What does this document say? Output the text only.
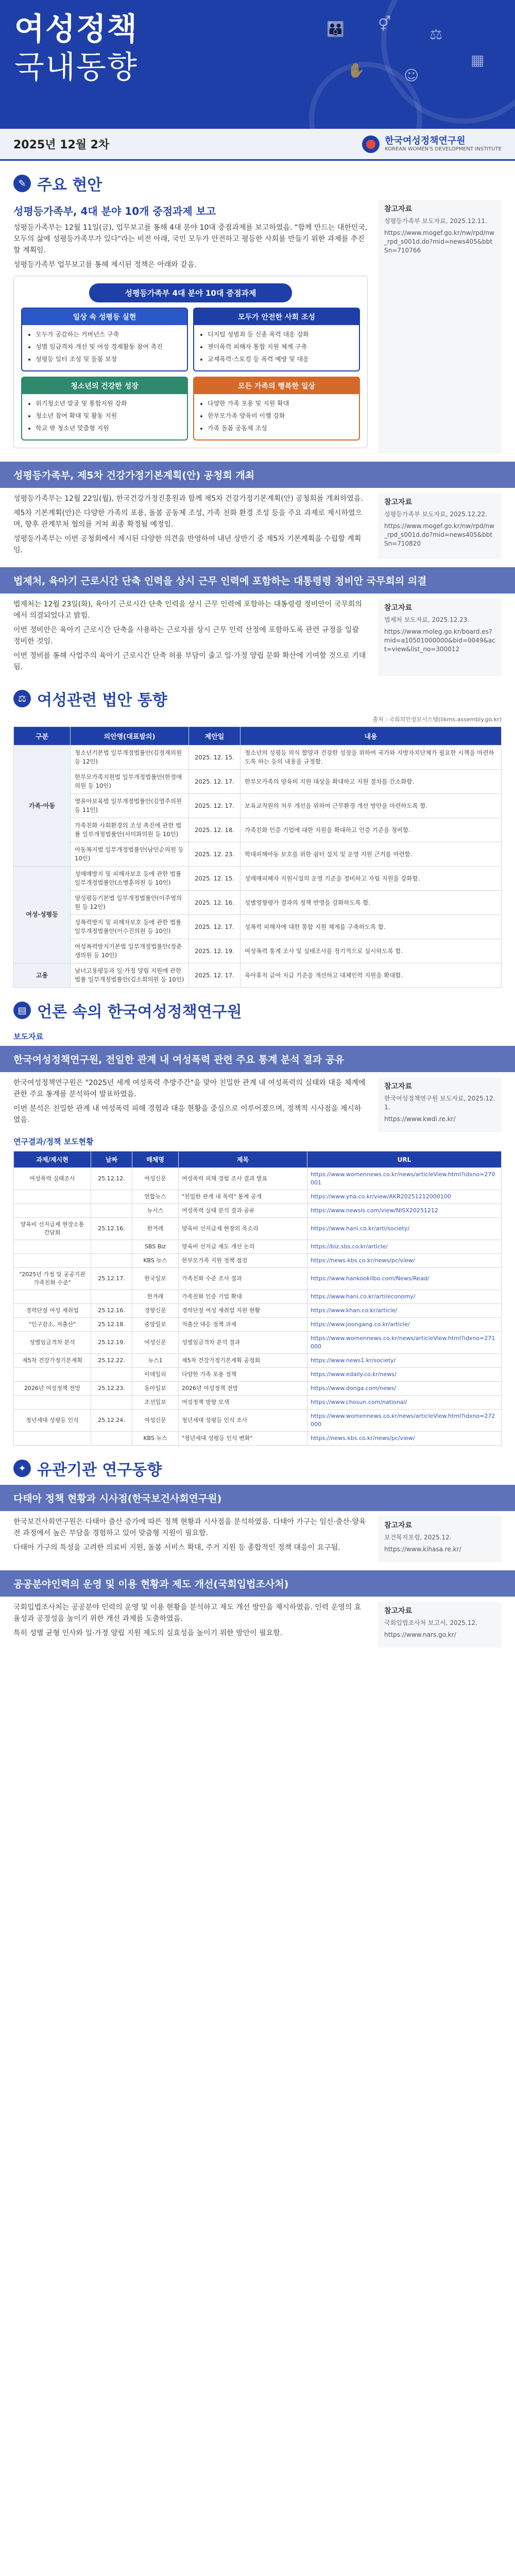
여성정책

국내동향

👪 ⚥
⚖
▦
✋	☺
2025년 12월 2차	한국여성정책연구원
KOREAN WOMEN'S DEVELOPMENT INSTITUTE
✎ 주요 현안
성평등가족부, 4대 분야 10개 중점과제 보고

성평등가족부는 12월 11일(금), 업무보고를 통해 4대 분야 10대 중점과제를 보고하였음. "함께 만드는 대한민국, 모두의 삶에 성평등가족부가 있다"라는 비전 아래, 국민 모두가 안전하고 평등한 사회를 만들기 위한 과제를 추진할 계획임.

성평등가족부 업무보고를 통해 제시된 정책은 아래와 같음.

성평등가족부 4대 분야 10대 중점과제
일상 속 성평등 실현
• 모두가 공감하는 거버넌스 구축
• 성별 임금격차 개선 및 여성 경제활동 참여 촉진
• 성평등 일터 조성 및 돌봄 보장
모두가 안전한 사회 조성
• 디지털 성범죄 등 신종 폭력 대응 강화
• 젠더폭력 피해자 통합 지원 체계 구축
• 교제폭력·스토킹 등 폭력 예방 및 대응
청소년의 건강한 성장
• 위기청소년 발굴 및 통합지원 강화
• 청소년 참여 확대 및 활동 지원
• 학교 밖 청소년 맞춤형 지원
모든 가족의 행복한 일상
• 다양한 가족 포용 및 지원 확대
• 한부모가족 양육비 이행 강화
• 가족 돌봄 공동체 조성
참고자료

성평등가족부 보도자료, 2025.12.11.

https://www.mogef.go.kr/nw/rpd/nw_rpd_s001d.do?mid=news405&bbtSn=710766

성평등가족부, 제5차 건강가정기본계획(안) 공청회 개최

성평등가족부는 12월 22일(월), 한국건강가정진흥원과 함께 제5차 건강가정기본계획(안) 공청회를 개최하였음.

제5차 기본계획(안)은 다양한 가족의 포용, 돌봄 공동체 조성, 가족 친화 환경 조성 등을 주요 과제로 제시하였으며, 향후 관계부처 협의를 거쳐 최종 확정될 예정임.

성평등가족부는 이번 공청회에서 제시된 다양한 의견을 반영하여 내년 상반기 중 제5차 기본계획을 수립할 계획임.

참고자료

성평등가족부 보도자료, 2025.12.22.

https://www.mogef.go.kr/nw/rpd/nw_rpd_s001d.do?mid=news405&bbtSn=710820

법제처, 육아기 근로시간 단축 인력을 상시 근무 인력에 포함하는 대통령령 정비안 국무회의 의결

법제처는 12월 23일(화), 육아기 근로시간 단축 인력을 상시 근무 인력에 포함하는 대통령령 정비안이 국무회의에서 의결되었다고 밝힘.

이번 정비안은 육아기 근로시간 단축을 사용하는 근로자를 상시 근무 인력 산정에 포함하도록 관련 규정을 일괄 정비한 것임.

이번 정비를 통해 사업주의 육아기 근로시간 단축 허용 부담이 줄고 일·가정 양립 문화 확산에 기여할 것으로 기대됨.

참고자료

법제처 보도자료, 2025.12.23.

https://www.moleg.go.kr/board.es?mid=a10501000000&bid=0049&act=view&list_no=300012

⚖ 여성관련 법안 통향
출처 : 국회의안정보시스템(likms.assembly.go.kr)
구분	의안명(대표발의)	제안일	내용
가족·아동	청소년기본법 일부개정법률안(김정재의원 등 12인)	2025. 12. 15.	청소년의 성평등 의식 함양과 건강한 성장을 위하여 국가와 지방자치단체가 필요한 시책을 마련하도록 하는 등의 내용을 규정함.
	한부모가족지원법 일부개정법률안(한정애의원 등 10인)	2025. 12. 17.	한부모가족의 양육비 지원 대상을 확대하고 지원 절차를 간소화함.
	영유아보육법 일부개정법률안(김영주의원 등 11인)	2025. 12. 17.	보육교직원의 처우 개선을 위하여 근무환경 개선 방안을 마련하도록 함.
	가족친화 사회환경의 조성 촉진에 관한 법률 일부개정법률안(서미화의원 등 10인)	2025. 12. 18.	가족친화 인증 기업에 대한 지원을 확대하고 인증 기준을 정비함.
	아동복지법 일부개정법률안(남인순의원 등 10인)	2025. 12. 23.	학대피해아동 보호를 위한 쉼터 설치 및 운영 지원 근거를 마련함.
여성·성평등	성매매방지 및 피해자보호 등에 관한 법률 일부개정법률안(소병훈의원 등 10인)	2025. 12. 15.	성매매피해자 지원시설의 운영 기준을 정비하고 자립 지원을 강화함.
	양성평등기본법 일부개정법률안(이주영의원 등 12인)	2025. 12. 16.	성별영향평가 결과의 정책 반영을 강화하도록 함.
	성폭력방지 및 피해자보호 등에 관한 법률 일부개정법률안(이수진의원 등 10인)	2025. 12. 17.	성폭력 피해자에 대한 통합 지원 체계를 구축하도록 함.
	여성폭력방지기본법 일부개정법률안(정춘생의원 등 10인)	2025. 12. 19.	여성폭력 통계 조사 및 실태조사를 정기적으로 실시하도록 함.
고용	남녀고용평등과 일·가정 양립 지원에 관한 법률 일부개정법률안(김소희의원 등 10인)	2025. 12. 17.	육아휴직 급여 지급 기준을 개선하고 대체인력 지원을 확대함.
▤ 언론 속의 한국여성정책연구원
보도자료
한국여성정책연구원, 전일한 관계 내 여성폭력 관련 주요 통계 분석 결과 공유

한국여성정책연구원은 "2025년 세계 여성폭력 추방주간"을 맞아 친밀한 관계 내 여성폭력의 실태와 대응 체계에 관한 주요 통계를 분석하여 발표하였음.

이번 분석은 친밀한 관계 내 여성폭력 피해 경험과 대응 현황을 중심으로 이루어졌으며, 정책적 시사점을 제시하였음.

참고자료

한국여성정책연구원 보도자료, 2025.12.1.

https://www.kwdi.re.kr/

연구결과/정책 보도현황
과제/제시현	날짜	매체명	제목	URL
여성폭력 실태조사	25.12.12.	여성신문	여성폭력 피해 경험 조사 결과 발표	https://www.womennews.co.kr/news/articleView.html?idxno=270001
		연합뉴스	"친밀한 관계 내 폭력" 통계 공개	https://www.yna.co.kr/view/AKR20251212000100
		뉴시스	여성폭력 실태 분석 결과 공유	https://www.newsis.com/view/NISX20251212
양육비 선지급제 현장소통 간담회	25.12.16.	한겨레	양육비 선지급제 현장의 목소리	https://www.hani.co.kr/arti/society/
		SBS Biz	양육비 선지급 제도 개선 논의	https://biz.sbs.co.kr/article/
		KBS 뉴스	한부모가족 지원 정책 점검	https://news.kbs.co.kr/news/pc/view/
"2025년 가정 및 공공기관 가족친화 수준"	25.12.17.	한국일보	가족친화 수준 조사 결과	https://www.hankookilbo.com/News/Read/
		한겨레	가족친화 인증 기업 확대	https://www.hani.co.kr/arti/economy/
경력단절 여성 재취업	25.12.16.	경향신문	경력단절 여성 재취업 지원 현황	https://www.khan.co.kr/article/
"인구감소, 저출산"	25.12.18.	중앙일보	저출산 대응 정책 과제	https://www.joongang.co.kr/article/
성별임금격차 분석	25.12.19.	여성신문	성별임금격차 분석 결과	https://www.womennews.co.kr/news/articleView.html?idxno=271000
제5차 건강가정기본계획	25.12.22.	뉴스1	제5차 건강가정기본계획 공청회	https://www.news1.kr/society/
		이데일리	다양한 가족 포용 정책	https://www.edaily.co.kr/news/
2026년 여성정책 전망	25.12.23.	동아일보	2026년 여성정책 전망	https://www.donga.com/news/
		조선일보	여성정책 방향 모색	https://www.chosun.com/national/
청년세대 성평등 인식	25.12.24.	여성신문	청년세대 성평등 인식 조사	https://www.womennews.co.kr/news/articleView.html?idxno=272000
		KBS 뉴스	"청년세대 성평등 인식 변화"	https://news.kbs.co.kr/news/pc/view/
✦ 유관기관 연구동향
다태아 정책 현황과 시사점(한국보건사회연구원)

한국보건사회연구원은 다태아 출산 증가에 따른 정책 현황과 시사점을 분석하였음. 다태아 가구는 임신·출산·양육 전 과정에서 높은 부담을 경험하고 있어 맞춤형 지원이 필요함.

다태아 가구의 특성을 고려한 의료비 지원, 돌봄 서비스 확대, 주거 지원 등 종합적인 정책 대응이 요구됨.

참고자료

보건복지포럼, 2025.12.

https://www.kihasa.re.kr/

공공분야인력의 운영 및 이용 현황과 제도 개선(국회입법조사처)

국회입법조사처는 공공분야 인력의 운영 및 이용 현황을 분석하고 제도 개선 방안을 제시하였음. 인력 운영의 효율성과 공정성을 높이기 위한 개선 과제를 도출하였음.

특히 성별 균형 인사와 일·가정 양립 지원 제도의 실효성을 높이기 위한 방안이 필요함.

참고자료

국회입법조사처 보고서, 2025.12.

https://www.nars.go.kr/
